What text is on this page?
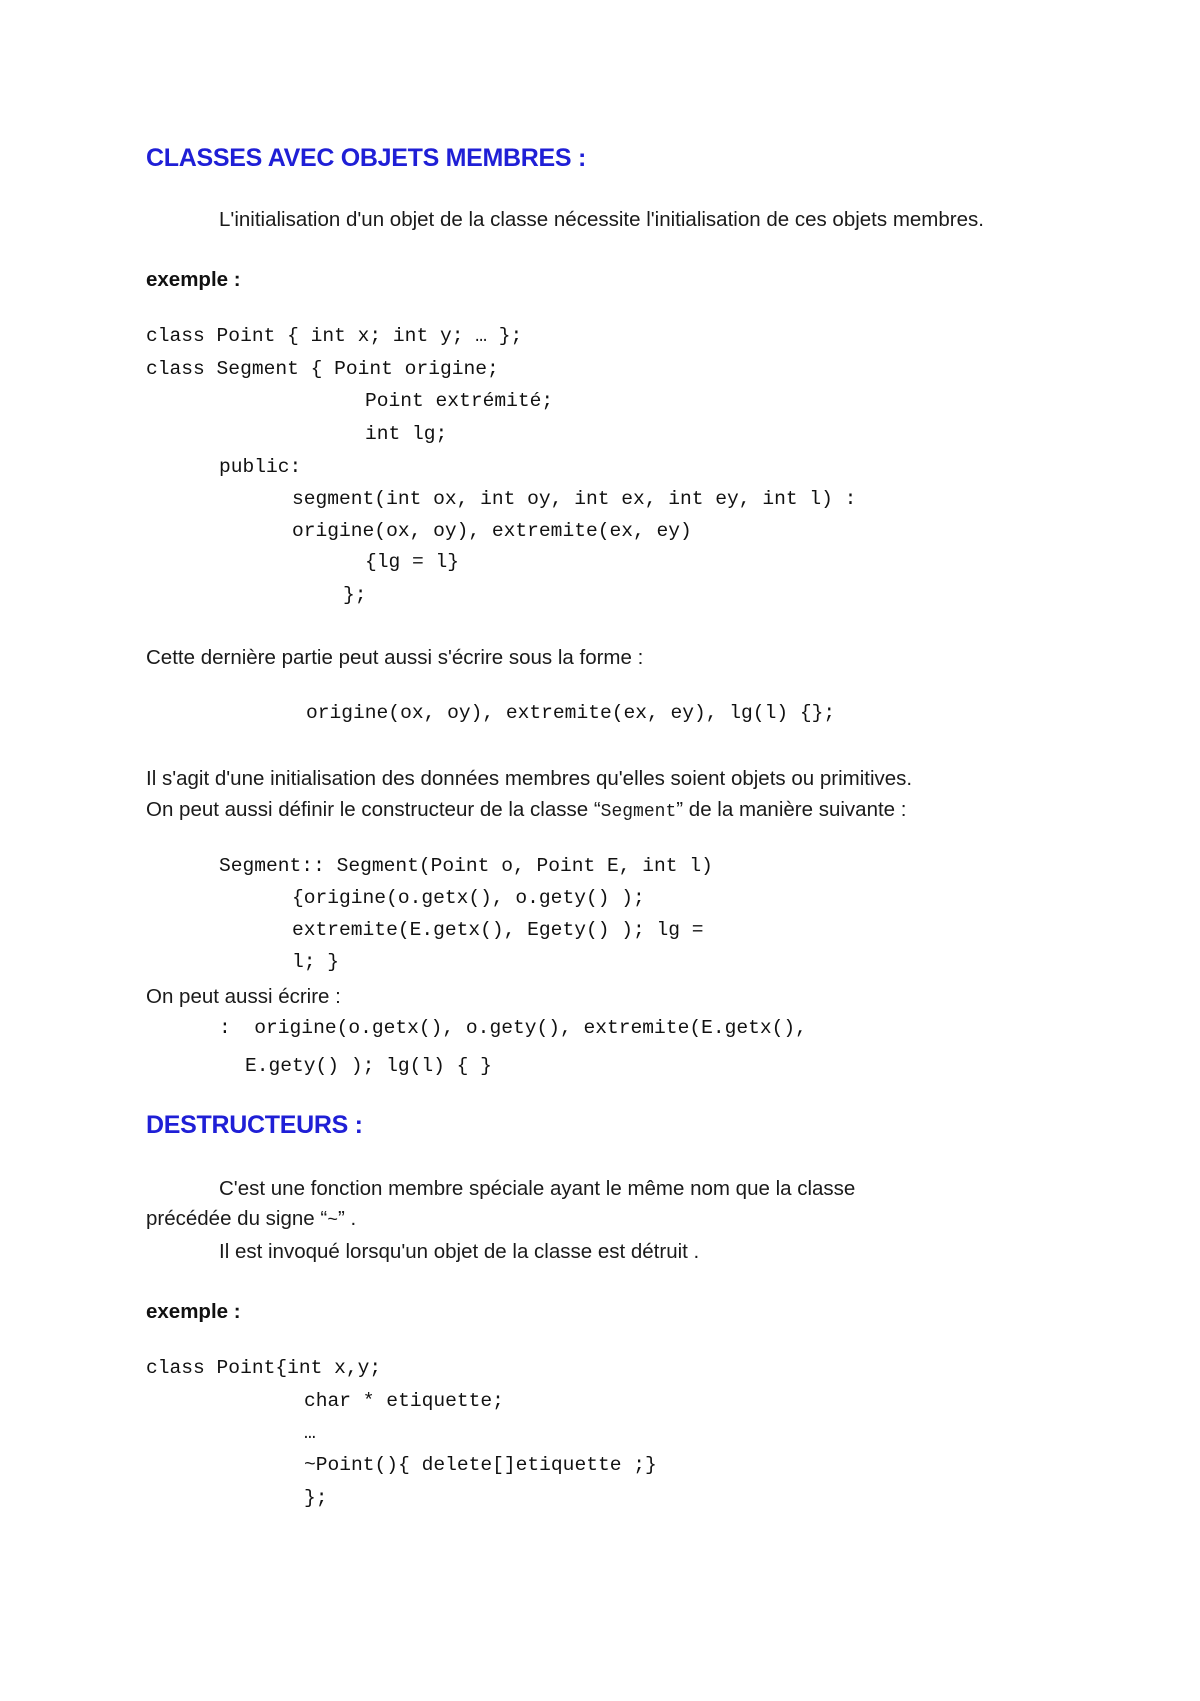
CLASSES AVEC OBJETS MEMBRES :
L'initialisation d'un objet de la classe nécessite l'initialisation de ces objets membres.
exemple :
class Point { int x; int y; … };
class Segment { Point origine;
Point extrémité;
int lg;
public:
segment(int ox, int oy, int ex, int ey, int l) :
origine(ox, oy), extremite(ex, ey)
{lg = l}
};
Cette dernière partie peut aussi s'écrire sous la forme :
origine(ox, oy), extremite(ex, ey), lg(l) {};
Il s'agit d'une initialisation des données membres qu'elles soient objets ou primitives.
On peut aussi définir le constructeur de la classe “Segment” de la manière suivante :
Segment:: Segment(Point o, Point E, int l)
{origine(o.getx(), o.gety() );
extremite(E.getx(), Egety() ); lg =
l; }
On peut aussi écrire :
:  origine(o.getx(), o.gety(), extremite(E.getx(),
E.gety() ); lg(l) { }
DESTRUCTEURS :
C'est une fonction membre spéciale ayant le même nom que la classe
précédée du signe “~” .
Il est invoqué lorsqu'un objet de la classe est détruit .
exemple :
class Point{int x,y;
char * etiquette;
…
~Point(){ delete[]etiquette ;}
};
